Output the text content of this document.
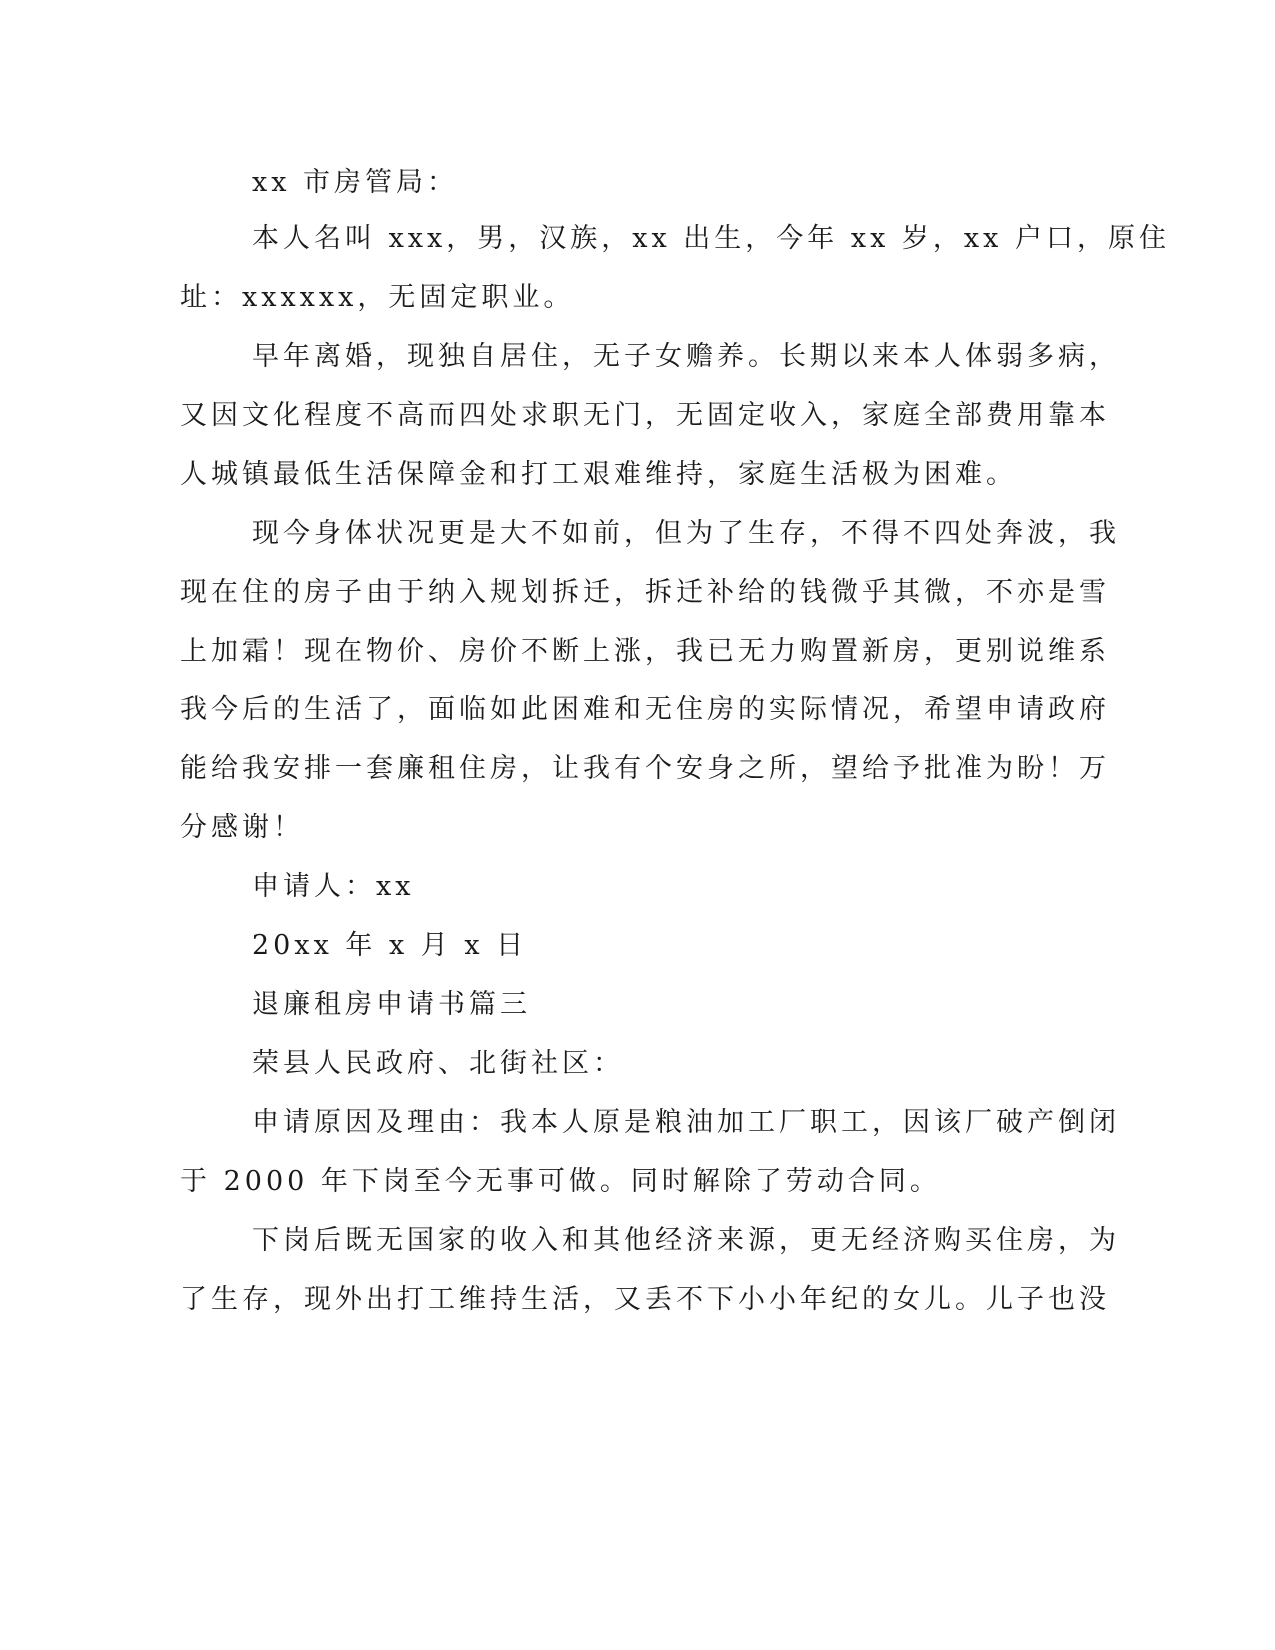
xx 市房管局：
本人名叫 xxx，男，汉族，xx 出生，今年 xx 岁，xx 户口，原住
址：xxxxxx，无固定职业。
早年离婚，现独自居住，无子女赡养。长期以来本人体弱多病，
又因文化程度不高而四处求职无门，无固定收入，家庭全部费用靠本
人城镇最低生活保障金和打工艰难维持，家庭生活极为困难。
现今身体状况更是大不如前，但为了生存，不得不四处奔波，我
现在住的房子由于纳入规划拆迁，拆迁补给的钱微乎其微，不亦是雪
上加霜！现在物价、房价不断上涨，我已无力购置新房，更别说维系
我今后的生活了，面临如此困难和无住房的实际情况，希望申请政府
能给我安排一套廉租住房，让我有个安身之所，望给予批准为盼！万
分感谢！
申请人：xx
20xx 年 x 月 x 日
退廉租房申请书篇三
荣县人民政府、北街社区：
申请原因及理由：我本人原是粮油加工厂职工，因该厂破产倒闭
于 2000 年下岗至今无事可做。同时解除了劳动合同。
下岗后既无国家的收入和其他经济来源，更无经济购买住房，为
了生存，现外出打工维持生活，又丢不下小小年纪的女儿。儿子也没
